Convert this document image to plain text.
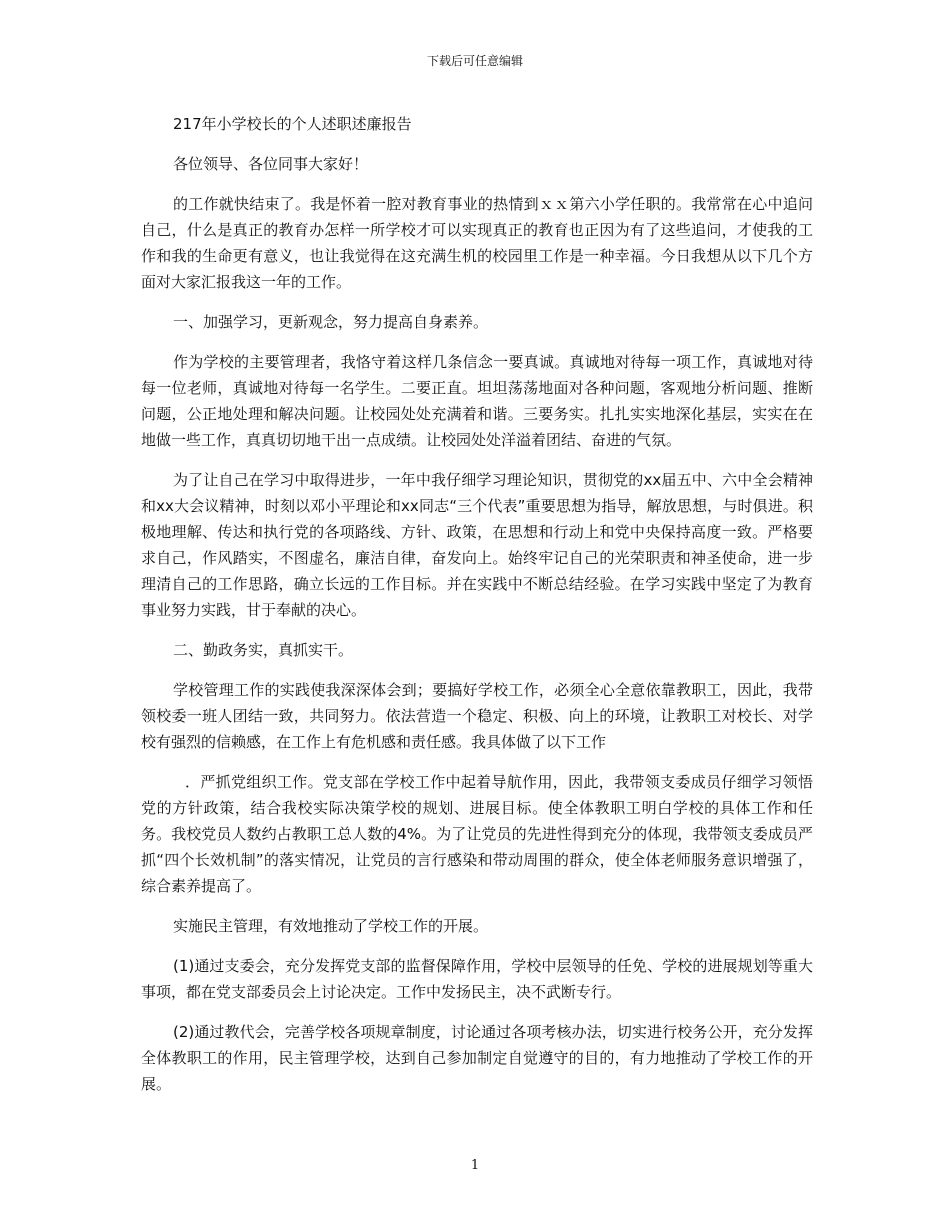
下载后可任意编辑

217年小学校长的个人述职述廉报告

各位领导、各位同事大家好！

的工作就快结束了。我是怀着一腔对教育事业的热情到ｘｘ第六小学任职的。我常常在心中追问自己，什么是真正的教育办怎样一所学校才可以实现真正的教育也正因为有了这些追问，才使我的工作和我的生命更有意义，也让我觉得在这充满生机的校园里工作是一种幸福。今日我想从以下几个方面对大家汇报我这一年的工作。

一、加强学习，更新观念，努力提高自身素养。

作为学校的主要管理者，我恪守着这样几条信念一要真诚。真诚地对待每一项工作，真诚地对待每一位老师，真诚地对待每一名学生。二要正直。坦坦荡荡地面对各种问题，客观地分析问题、推断问题，公正地处理和解决问题。让校园处处充满着和谐。三要务实。扎扎实实地深化基层，实实在在地做一些工作，真真切切地干出一点成绩。让校园处处洋溢着团结、奋进的气氛。

为了让自己在学习中取得进步，一年中我仔细学习理论知识，贯彻党的xx届五中、六中全会精神和xx大会议精神，时刻以邓小平理论和xx同志“三个代表”重要思想为指导，解放思想，与时俱进。积极地理解、传达和执行党的各项路线、方针、政策，在思想和行动上和党中央保持高度一致。严格要求自己，作风踏实，不图虚名，廉洁自律，奋发向上。始终牢记自己的光荣职责和神圣使命，进一步理清自己的工作思路，确立长远的工作目标。并在实践中不断总结经验。在学习实践中坚定了为教育事业努力实践，甘于奉献的决心。

二、勤政务实，真抓实干。

学校管理工作的实践使我深深体会到；要搞好学校工作，必须全心全意依靠教职工，因此，我带领校委一班人团结一致，共同努力。依法营造一个稳定、积极、向上的环境，让教职工对校长、对学校有强烈的信赖感，在工作上有危机感和责任感。我具体做了以下工作

．严抓党组织工作。党支部在学校工作中起着导航作用，因此，我带领支委成员仔细学习领悟党的方针政策，结合我校实际决策学校的规划、进展目标。使全体教职工明白学校的具体工作和任务。我校党员人数约占教职工总人数的4%。为了让党员的先进性得到充分的体现，我带领支委成员严抓“四个长效机制”的落实情况，让党员的言行感染和带动周围的群众，使全体老师服务意识增强了，综合素养提高了。

实施民主管理，有效地推动了学校工作的开展。

(1)通过支委会，充分发挥党支部的监督保障作用，学校中层领导的任免、学校的进展规划等重大事项，都在党支部委员会上讨论决定。工作中发扬民主，决不武断专行。

(2)通过教代会，完善学校各项规章制度，讨论通过各项考核办法，切实进行校务公开，充分发挥全体教职工的作用，民主管理学校，达到自己参加制定自觉遵守的目的，有力地推动了学校工作的开展。

1
